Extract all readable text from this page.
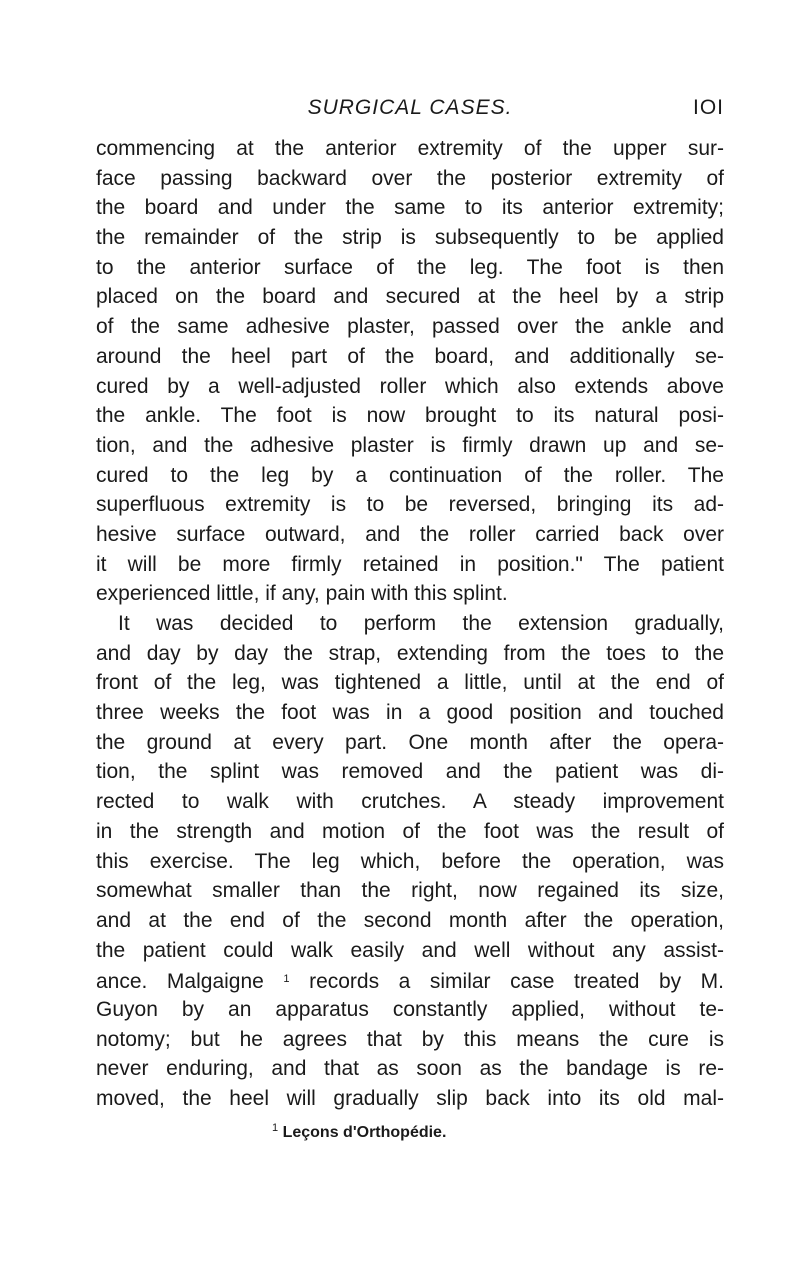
SURGICAL CASES.	IOI
commencing at the anterior extremity of the upper sur-
face passing backward over the posterior extremity of
the board and under the same to its anterior extremity;
the remainder of the strip is subsequently to be applied
to the anterior surface of the leg. The foot is then
placed on the board and secured at the heel by a strip
of the same adhesive plaster, passed over the ankle and
around the heel part of the board, and additionally se-
cured by a well-adjusted roller which also extends above
the ankle. The foot is now brought to its natural posi-
tion, and the adhesive plaster is firmly drawn up and se-
cured to the leg by a continuation of the roller. The
superfluous extremity is to be reversed, bringing its ad-
hesive surface outward, and the roller carried back over
it will be more firmly retained in position." The patient
experienced little, if any, pain with this splint.
It was decided to perform the extension gradually,
and day by day the strap, extending from the toes to the
front of the leg, was tightened a little, until at the end of
three weeks the foot was in a good position and touched
the ground at every part. One month after the opera-
tion, the splint was removed and the patient was di-
rected to walk with crutches. A steady improvement
in the strength and motion of the foot was the result of
this exercise. The leg which, before the operation, was
somewhat smaller than the right, now regained its size,
and at the end of the second month after the operation,
the patient could walk easily and well without any assist-
ance. Malgaigne $^1$ records a similar case treated by M.
Guyon by an apparatus constantly applied, without te-
notomy; but he agrees that by this means the cure is
never enduring, and that as soon as the bandage is re-
moved, the heel will gradually slip back into its old mal-
$^1$ Leçons d'Orthopédie.
